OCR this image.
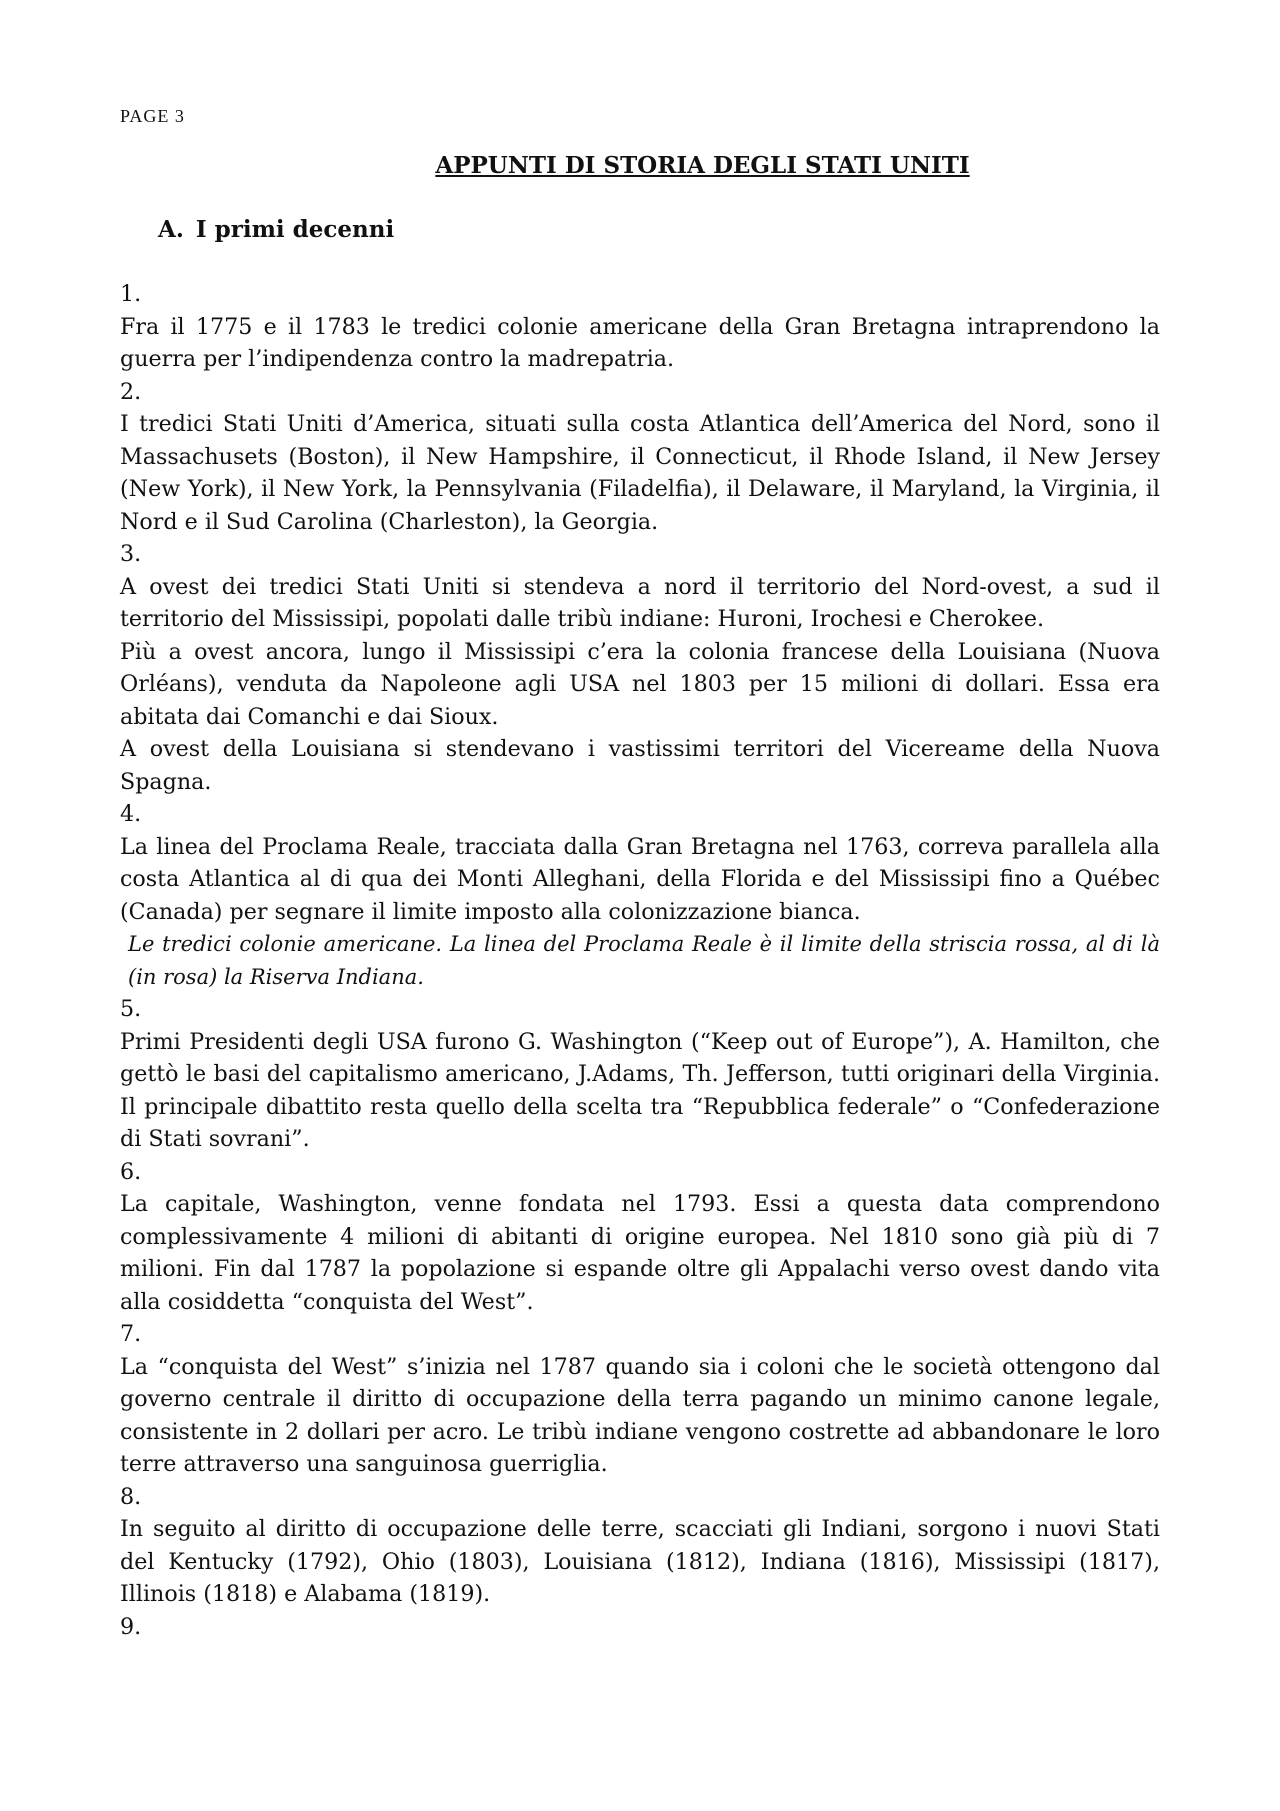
PAGE 3
APPUNTI DI STORIA DEGLI STATI UNITI
A. I primi decenni
1.

Fra il 1775 e il 1783 le tredici colonie americane della Gran Bretagna intraprendono la guerra per l’indipendenza contro la madrepatria.

2.

I tredici Stati Uniti d’America, situati sulla costa Atlantica dell’America del Nord, sono il Massachusets (Boston), il New Hampshire, il Connecticut, il Rhode Island, il New Jersey (New York), il New York, la Pennsylvania (Filadelfia), il Delaware, il Maryland, la Virginia, il Nord e il Sud Carolina (Charleston), la Georgia.

3.

A ovest dei tredici Stati Uniti si stendeva a nord il territorio del Nord-ovest, a sud il territorio del Mississipi, popolati dalle tribù indiane: Huroni, Irochesi e Cherokee.

Più a ovest ancora, lungo il Mississipi c’era la colonia francese della Louisiana (Nuova Orléans), venduta da Napoleone agli USA nel 1803 per 15 milioni di dollari. Essa era abitata dai Comanchi e dai Sioux.

A ovest della Louisiana si stendevano i vastissimi territori del Vicereame della Nuova Spagna.

4.

La linea del Proclama Reale, tracciata dalla Gran Bretagna nel 1763, correva parallela alla costa Atlantica al di qua dei Monti Alleghani, della Florida e del Mississipi fino a Québec (Canada) per segnare il limite imposto alla colonizzazione bianca.

Le tredici colonie americane. La linea del Proclama Reale è il limite della striscia rossa, al di là (in rosa) la Riserva Indiana.

5.

Primi Presidenti degli USA furono G. Washington (“Keep out of Europe”), A. Hamilton, che gettò le basi del capitalismo americano, J.Adams, Th. Jefferson, tutti originari della Virginia. Il principale dibattito resta quello della scelta tra “Repubblica federale” o “Confederazione di Stati sovrani”.

6.

La capitale, Washington, venne fondata nel 1793. Essi a questa data comprendono complessivamente 4 milioni di abitanti di origine europea. Nel 1810 sono già più di 7 milioni. Fin dal 1787 la popolazione si espande oltre gli Appalachi verso ovest dando vita alla cosiddetta “conquista del West”.

7.

La “conquista del West” s’inizia nel 1787 quando sia i coloni che le società ottengono dal governo centrale il diritto di occupazione della terra pagando un minimo canone legale, consistente in 2 dollari per acro. Le tribù indiane vengono costrette ad abbandonare le loro terre attraverso una sanguinosa guerriglia.

8.

In seguito al diritto di occupazione delle terre, scacciati gli Indiani, sorgono i nuovi Stati del Kentucky (1792), Ohio (1803), Louisiana (1812), Indiana (1816), Mississipi (1817), Illinois (1818) e Alabama (1819).

9.
